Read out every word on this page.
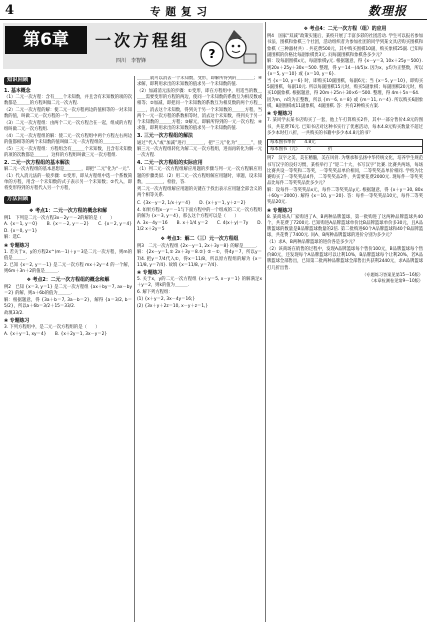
4	专题复习	数理报
第6章	一次方程组
四川　李智锋	?
知识回顾
1. 基本概念

（1）二元一次方程：含有＿＿个未知数，并且含有未知数的项的次数都是＿＿＿的方程叫做二元一次方程.

（2）二元一次方程的解：使二元一次方程两边的值相等的一对未知数的值，叫做二元一次方程的一个＿＿＿＿.

（3）二元一次方程组：由两个二元一次方程合在一起，组成的方程组叫做二元一次方程组.

（4）二元一次方程组的解：使二元一次方程组中两个方程左右两边的值都相等的两个未知数的值叫做二元一次方程组的＿＿＿＿.

（5）三元一次方程组：方程组含有＿＿＿个未知数，且含有未知数的项的次数都是＿＿＿，这样的方程组叫做三元一次方程组.

2. 二元一次方程组的基本解法

解二元一次方程组的基本思想是＿＿＿＿，即把“二元”化为“一元”.

（1）代入消元法的一般步骤：①变形，即从方程组中选一个系数简单的方程，用含一个未知数的式子表示另一个未知数；②代入，即将变形得到的方程代入另一个方程，

方法回顾
❖ 考点1：二元一次方程的概念和解

例1　下列是二元一次方程3x－2y＝－2的解的是（　　）

A. {x＝1, y＝0}　　B. {x＝－2, y＝－2}　　C. {x＝2, y＝4}　　D. {x＝0, y＝1}

解：选C.

❀ 专题练习

1. 若关于x，y的方程2x^(m－1)＋y＝3是二元一次方程，则m的值是＿＿＿.

2. 已知 {x＝2, y＝－1} 是二元一次方程 mx＋2y＝4 的一个解，则6m＋3n＋2的值是＿＿＿.

❖ 考点2：二元一次方程组的概念和解

例2　已知 {x＝3, y＝1} 是二元一次方程组 {ax＋by＝7, ax－by＝2} 的解，则a＋6b的值为＿＿＿.

解：根据题意，得 {3a＋b＝7, 3a－b＝2}，解得 {a＝3/2, b＝5/2}，所以a＋6b＝3/2＋15＝33/2.

故填33/2.

❀ 专题练习

3. 下列方程组中，是二元一次方程组的是（　　）

A. {x＋y＝1, xy＝4}　　B. {x＋2y＝1, 3x－y＝2}

＿＿＿就可以消去一个未知数，变形，即解所得到的＿＿＿＿；④求解，即利用求出的未知数的值求另一个未知数的值.

（2）加减消元法的步骤：①变形，即在方程组中，用适当的数＿＿＿需要变形的方程的两边，使同一个未知数的系数互为相反数或相等；②加减，即把同一个未知数的系数互为相反数的两个方程＿＿＿，消去这个未知数，得到关于另一个未知数的＿＿＿方程，当两个一元一次方程的系数相等时，消去这个未知数，得到关于另一个未知数的＿＿＿方程；③解元，即解所得到的一元一次方程；④求值，即利用求出的未知数的值求另一个未知数的值.

3. 三元一次方程组的解法

通过“代入”或“加减”进行＿＿＿＿，把“三元”化为“＿＿＿”，使解三元一次方程组转化为解二元一次方程组，进而再转化为解一元一次方程.

4. 二元一次方程组的实际应用

（1）列二元一次方程组解应用题的步骤与列一元一次方程解应用题的步骤类似.（2）用二元一次方程组解应用题时，审题，设未知数，＿＿＿＿，检验，答.

列二元一次方程组解应用题的关键在于找出表示应用题全部含义的两个相等关系.

C. {3x－y＝2, 1/x＋y＝4}　　D. {x＋y＝1, y＋z＝2}

4. 如果方程x－y＝－1与下面方程中的一个组成的二元一次方程组的解为 {x＝3, y＝4}，那么这个方程可以是（　　）

A. 3x－4y＝16　　B. x＋1/4 y＝2　　C. 4(x＋y)＝7y　　D. 1/2 x＋2y＝5

❖ 考点3：解二（三）元一次方程组

例3　二元一次方程组 {2x－y＝1, 2x＋3y＝8} 的解是＿＿＿.

解：{2x－y＝1,① 2x＋3y＝8.②} ②－①，得4y＝7，所以y＝7/4. 把y＝7/4代入①，得x＝11/8，所以原方程组的解为 {x＝11/8, y＝7/4}. 故填 {x＝11/8, y＝7/4}.

❀ 专题练习

5. 关于x，y的二元一次方程组 {x＋y＝5, x－y＝1} 的解满足x＋y＝2，则k的值为＿＿＿.

6. 解下列方程组：

(1) {x＋y＝2, 3x－4y＝16;}

(2) {3x＋y＋2z＝10, x－y＋z＝1,}

❖ 考点4：二元一次方程（组）的应用

例4　国家“双减”政策实施后，某校开展了丰富多彩的社团活动. 学生可以报名参加书法、围棋和象棋三个社团，活动组织者为参加社团的同学到某文具店购买围棋和象棋（三种器材共）. 共花费500元，其中购买围棋10副，购买象棋25副. 已知每副围棋的价格比每副象棋贵3元. 问每副围棋和象棋各多少元？

解：设每副围棋x元，每副象棋y元. 根据题意，得 {x－y＝3, 10x＋25y＝500}. 则20x＋25y＋30x＝500. 整理，得 y＝14－(4/5)x. 因为x，y均为正整数，所以 {x＝5, y＝10} 或 {x＝10, y＝6}.

当 {x＝10, y＝6} 时，即购买10副围棋，每副6元；当 {x＝5, y＝10}，即购买5副围棋，每副10元. 所以每副围棋15元时，购买5副象棋；每副围棋20元时，购买10副象棋. 根据题意，得 20m＋25n＋30×6＝500. 整理，得 4m＋5n＝64.

因为m，n均为正整数，所以 {m＝6, n＝8} 或 {m＝11, n＝4}. 所以购买6副象棋，8副围棋或11副象棋，4副围棋. 答：共有2种购买方案.

❀ 专题练习

7. 某同学去某书店购买了一套，他上午打算购买2件，其中一部分售价4.8元的图书，共花费76元. 已知书店对这种书实行了优惠活动，每本4.8元购买数量不超过多少本时打八折，一共购买的书籍中多少本4.8元的书？

每本图书单价　　4.8元
每本图书（元）　　六　　　　折

例7　汉字之美，美在精髓，美在风骨. 为继承和弘扬中华传统文化，培养学生规范书写汉字的良好习惯，某校举行了“迎二十大，书写汉字”比赛. 比赛共两场，每场比赛共设一等奖和二等奖，一等奖奖品单价相同，二等奖奖品单价相同. 学校为比赛购买了一等奖奖品4件，二等奖奖品2件，共需要花费2000元. 现每件一等奖奖品比每件二等奖奖品贵多少元？

解：设每件一等奖奖品x元，每件二等奖奖品y元. 根据题意，得 {x＋y＝30, 80x＋60y＝2000}. 解得 {x＝10, y＝20}. 答：每件一等奖奖品10元，每件二等奖奖品20元.

❀ 专题练习

8. 某商场从厂家购进了A、B两种品牌篮球，第一批购进了这两种品牌篮球共40个，共花费了7200元. 已知购进A品牌篮球单价比B品牌篮球单价多30元，且A品牌篮球的数量是B品牌篮球数量的2倍. 第二批购进60个A品牌篮球和40个B品牌篮球，共花费了7400元. 问A、B两种品牌篮球的进价分别为多少元？

（1）求A、B两种品牌篮球的进价各是多少元？

（2）该商场在销售的过程中，发现A品牌篮球每个售价100元，B品牌篮球每个售价80元，还发现每个A品牌篮球可以让利10%，B品牌篮球每个让利20%，若A品牌篮球全部售出，已知第二批两种品牌篮球全部售出共获利2440元，求A品牌篮球打几折出售.

（专题练习答案见第15～16版）
（本章检测卷见第9～10版）
